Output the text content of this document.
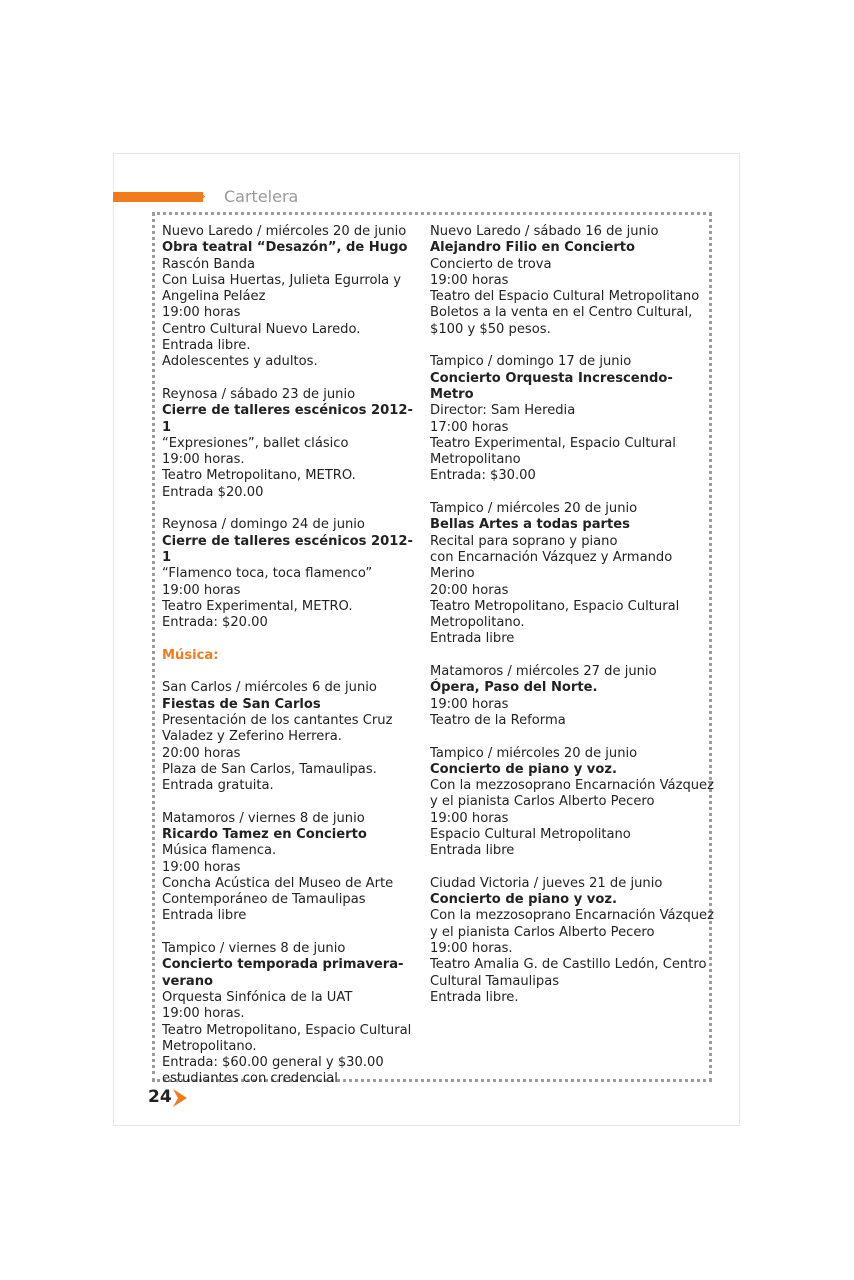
››› Cartelera
Nuevo Laredo / miércoles 20 de junio
Obra teatral “Desazón”, de Hugo
Rascón Banda
Con Luisa Huertas, Julieta Egurrola y
Angelina Peláez
19:00 horas
Centro Cultural Nuevo Laredo.
Entrada libre.
Adolescentes y adultos.
Reynosa / sábado 23 de junio
Cierre de talleres escénicos 2012-1
“Expresiones”, ballet clásico
19:00 horas.
Teatro Metropolitano, METRO.
Entrada $20.00
Reynosa / domingo 24 de junio
Cierre de talleres escénicos 2012-1
“Flamenco toca, toca flamenco”
19:00 horas
Teatro Experimental, METRO.
Entrada: $20.00
Música:
San Carlos / miércoles 6 de junio
Fiestas de San Carlos
Presentación de los cantantes Cruz
Valadez y Zeferino Herrera.
20:00 horas
Plaza de San Carlos, Tamaulipas.
Entrada gratuita.
Matamoros / viernes 8 de junio
Ricardo Tamez en Concierto
Música flamenca.
19:00 horas
Concha Acústica del Museo de Arte
Contemporáneo de Tamaulipas
Entrada libre
Tampico / viernes 8 de junio
Concierto temporada primavera-verano
Orquesta Sinfónica de la UAT
19:00 horas.
Teatro Metropolitano, Espacio Cultural
Metropolitano.
Entrada: $60.00 general y $30.00
estudiantes con credencial
Nuevo Laredo / sábado 16 de junio
Alejandro Filio en Concierto
Concierto de trova
19:00 horas
Teatro del Espacio Cultural Metropolitano
Boletos a la venta en el Centro Cultural,
$100 y $50 pesos.
Tampico / domingo 17 de junio
Concierto Orquesta Increscendo-Metro
Director: Sam Heredia
17:00 horas
Teatro Experimental, Espacio Cultural
Metropolitano
Entrada: $30.00
Tampico / miércoles 20 de junio
Bellas Artes a todas partes
Recital para soprano y piano
con Encarnación Vázquez y Armando
Merino
20:00 horas
Teatro Metropolitano, Espacio Cultural
Metropolitano.
Entrada libre
Matamoros / miércoles 27 de junio
Ópera, Paso del Norte.
19:00 horas
Teatro de la Reforma
Tampico / miércoles 20 de junio
Concierto de piano y voz.
Con la mezzosoprano Encarnación Vázquez
y el pianista Carlos Alberto Pecero
19:00 horas
Espacio Cultural Metropolitano
Entrada libre
Ciudad Victoria / jueves 21 de junio
Concierto de piano y voz.
Con la mezzosoprano Encarnación Vázquez
y el pianista Carlos Alberto Pecero
19:00 horas.
Teatro Amalia G. de Castillo Ledón, Centro
Cultural Tamaulipas
Entrada libre.
24
